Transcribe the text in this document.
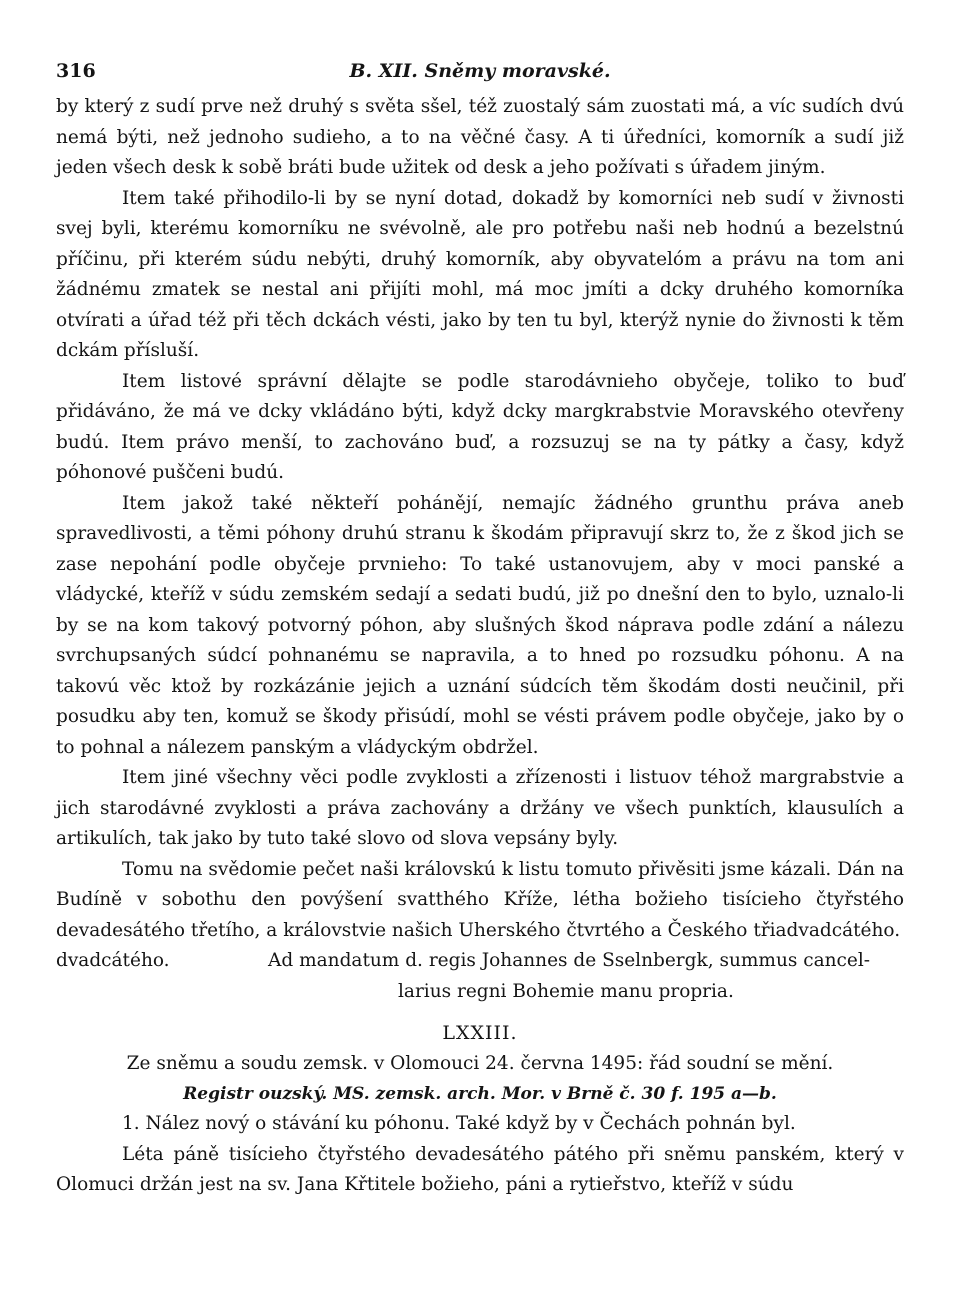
316	B. XII. Sněmy moravské.

by který z sudí prve než druhý s světa sšel, též zuostalý sám zuostati má, a víc sudích dvú nemá býti, než jednoho sudieho, a to na věčné časy. A ti úředníci, komorník a sudí již jeden všech desk k sobě bráti bude užitek od desk a jeho požívati s úřadem jiným.

Item také přihodilo-li by se nyní dotad, dokadž by komorníci neb sudí v živnosti svej byli, kterému komorníku ne svévolně, ale pro potřebu naši neb hodnú a bezelstnú příčinu, při kterém súdu nebýti, druhý komorník, aby obyvatelóm a právu na tom ani žádnému zmatek se nestal ani přijíti mohl, má moc jmíti a dcky druhého komorníka otvírati a úřad též při těch dckách vésti, jako by ten tu byl, kterýž nynie do živnosti k těm dckám přísluší.

Item listové správní dělajte se podle starodávnieho obyčeje, toliko to buď přidáváno, že má ve dcky vkládáno býti, když dcky margkrabstvie Moravského otevřeny budú. Item právo menší, to zachováno buď, a rozsuzuj se na ty pátky a časy, když póhonové puščeni budú.

Item jakož také někteří pohánějí, nemajíc žádného grunthu práva aneb spravedlivosti, a těmi póhony druhú stranu k škodám připravují skrz to, že z škod jich se zase nepohání podle obyčeje prvnieho: To také ustanovujem, aby v moci panské a vládycké, kteříž v súdu zemském sedají a sedati budú, již po dnešní den to bylo, uznalo-li by se na kom takový potvorný póhon, aby slušných škod náprava podle zdání a nálezu svrchupsaných súdcí pohnanému se napravila, a to hned po rozsudku póhonu. A na takovú věc ktož by rozkázánie jejich a uznání súdcích těm škodám dosti neučinil, při posudku aby ten, komuž se škody přisúdí, mohl se vésti právem podle obyčeje, jako by o to pohnal a nálezem panským a vládyckým obdržel.

Item jiné všechny věci podle zvyklosti a zřízenosti i listuov téhož margrabstvie a jich starodávné zvyklosti a práva zachovány a držány ve všech punktích, klausulích a artikulích, tak jako by tuto také slovo od slova vepsány byly.

Tomu na svědomie pečet naši královskú k listu tomuto přivěsiti jsme kázali. Dán na Budíně v sobothu den povýšení svatthého Kříže, létha božieho tisícieho čtyřstého devadesátého třetího, a královstvie našich Uherského čtvrtého a Českého třiadvadcátého.

dvadcátého.	Ad mandatum d. regis Johannes de Sselnbergk, summus cancel-

larius regni Bohemie manu propria.

LXXIII.
Ze sněmu a soudu zemsk. v Olomouci 24. června 1495: řád soudní se mění.
Registr ouzský. MS. zemsk. arch. Mor. v Brně č. 30 f. 195 a—b.

1. Nález nový o stávání ku póhonu. Také když by v Čechách pohnán byl.

Léta páně tisícieho čtyřstého devadesátého pátého při sněmu panském, který v Olomuci držán jest na sv. Jana Křtitele božieho, páni a rytieřstvo, kteříž v súdu
